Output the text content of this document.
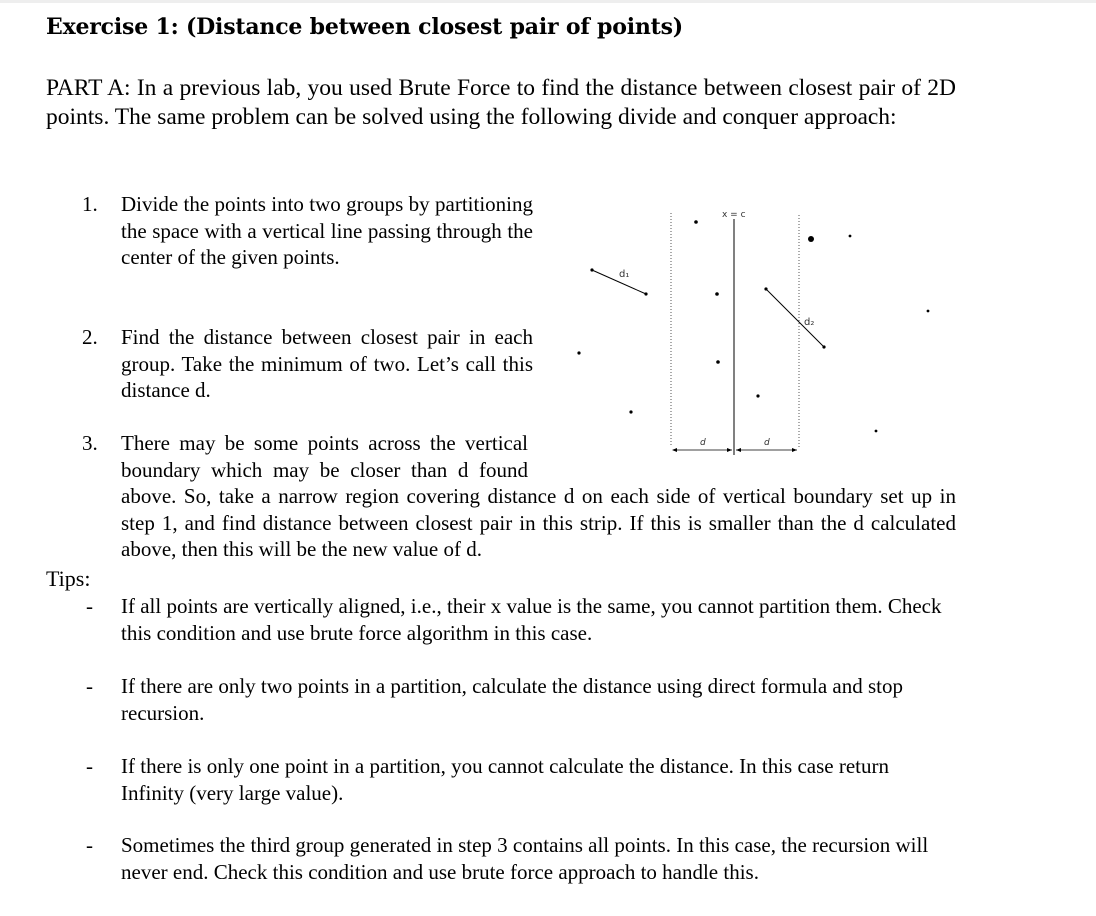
Exercise 1: (Distance between closest pair of points)
PART A: In a previous lab, you used Brute Force to find the distance between closest pair of 2D points. The same problem can be solved using the following divide and conquer approach:
1. Divide the points into two groups by partitioning the space with a vertical line passing through the center of the given points.
2. Find the distance between closest pair in each group. Take the minimum of two. Let’s call this distance d.
3. There may be some points across the vertical boundary which may be closer than d found above. So, take a narrow region covering distance d on each side of vertical boundary set up in step 1, and find distance between closest pair in this strip. If this is smaller than the d calculated above, then this will be the new value of d.
x = c
d₁
d₂
d	d
Tips:
- If all points are vertically aligned, i.e., their x value is the same, you cannot partition them. Check this condition and use brute force algorithm in this case.
- If there are only two points in a partition, calculate the distance using direct formula and stop recursion.
- If there is only one point in a partition, you cannot calculate the distance. In this case return Infinity (very large value).
- Sometimes the third group generated in step 3 contains all points. In this case, the recursion will never end. Check this condition and use brute force approach to handle this.
